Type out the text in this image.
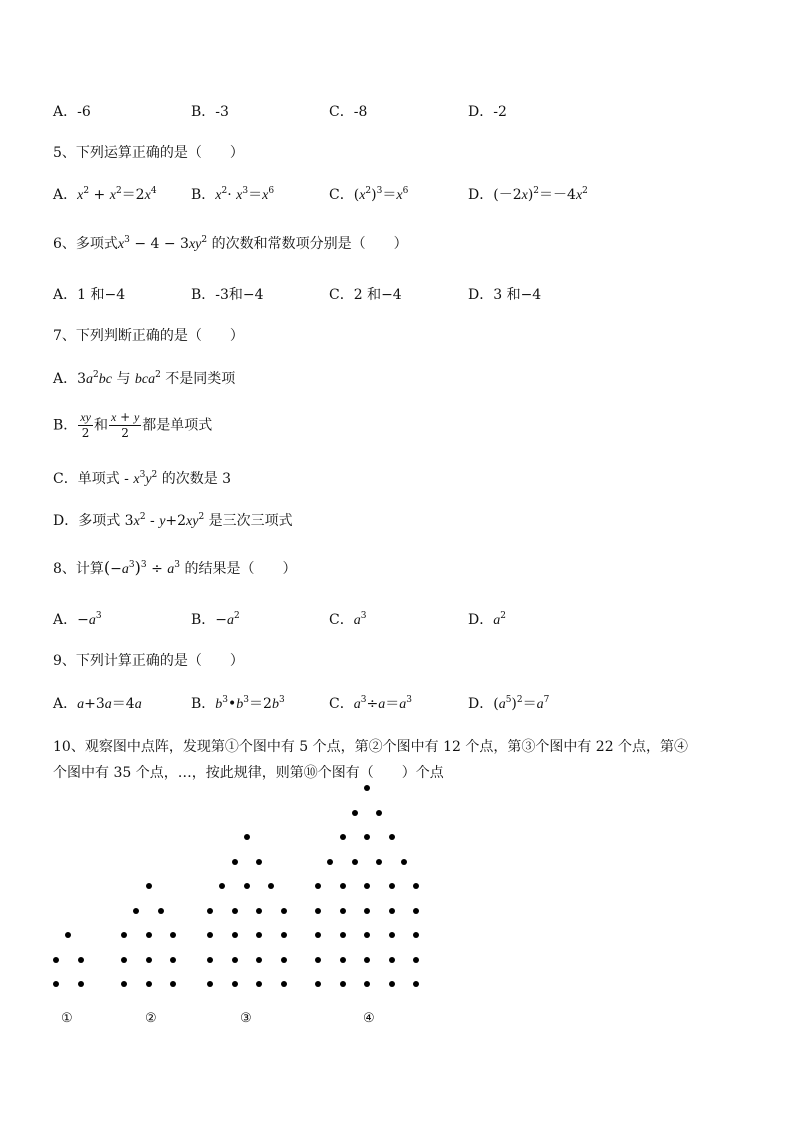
A．-6	B．-3	C．-8	D．-2
5、下列运算正确的是（　　）
A．$x^2 + x^2=2x^4$ B．$x^2\cdot x^3=x^6$	C．$(x^2)^3=x^6$	D．$(-2x)^2=-4x^2$
6、多项式$x^3 - 4 - 3xy^2$ 的次数和常数项分别是（　　）
A．1 和−4	B．-3和−4	C．2 和−4	D．3 和−4
7、下列判断正确的是（　　）
A．$3a^2bc$ 与 bca$^2$ 不是同类项
B． $\frac{xy}{2}$ 和 $\frac{x + y}{2}$ 都是单项式
C．单项式 - $x^3y^2$ 的次数是 3
D．多项式 $3x^2 - y+2xy^2$ 是三次三项式
8、计算$(-a^3)^3 \div a^3$ 的结果是（　　）
A．$-a^3$	B．$-a^2$	C．$a^3$	D．$a^2$
9、下列计算正确的是（　　）
A．a+3a＝4a	B．$b^3•b^3=2b^3$	C．$a^3\div a=a^3$	D．$(a^5)^2=a^7$
10、观察图中点阵，发现第①个图中有 5 个点，第②个图中有 12 个点，第③个图中有 22 个点，第④
个图中有 35 个点，…，按此规律，则第⑩个图有（　　）个点
①	②	③	④
